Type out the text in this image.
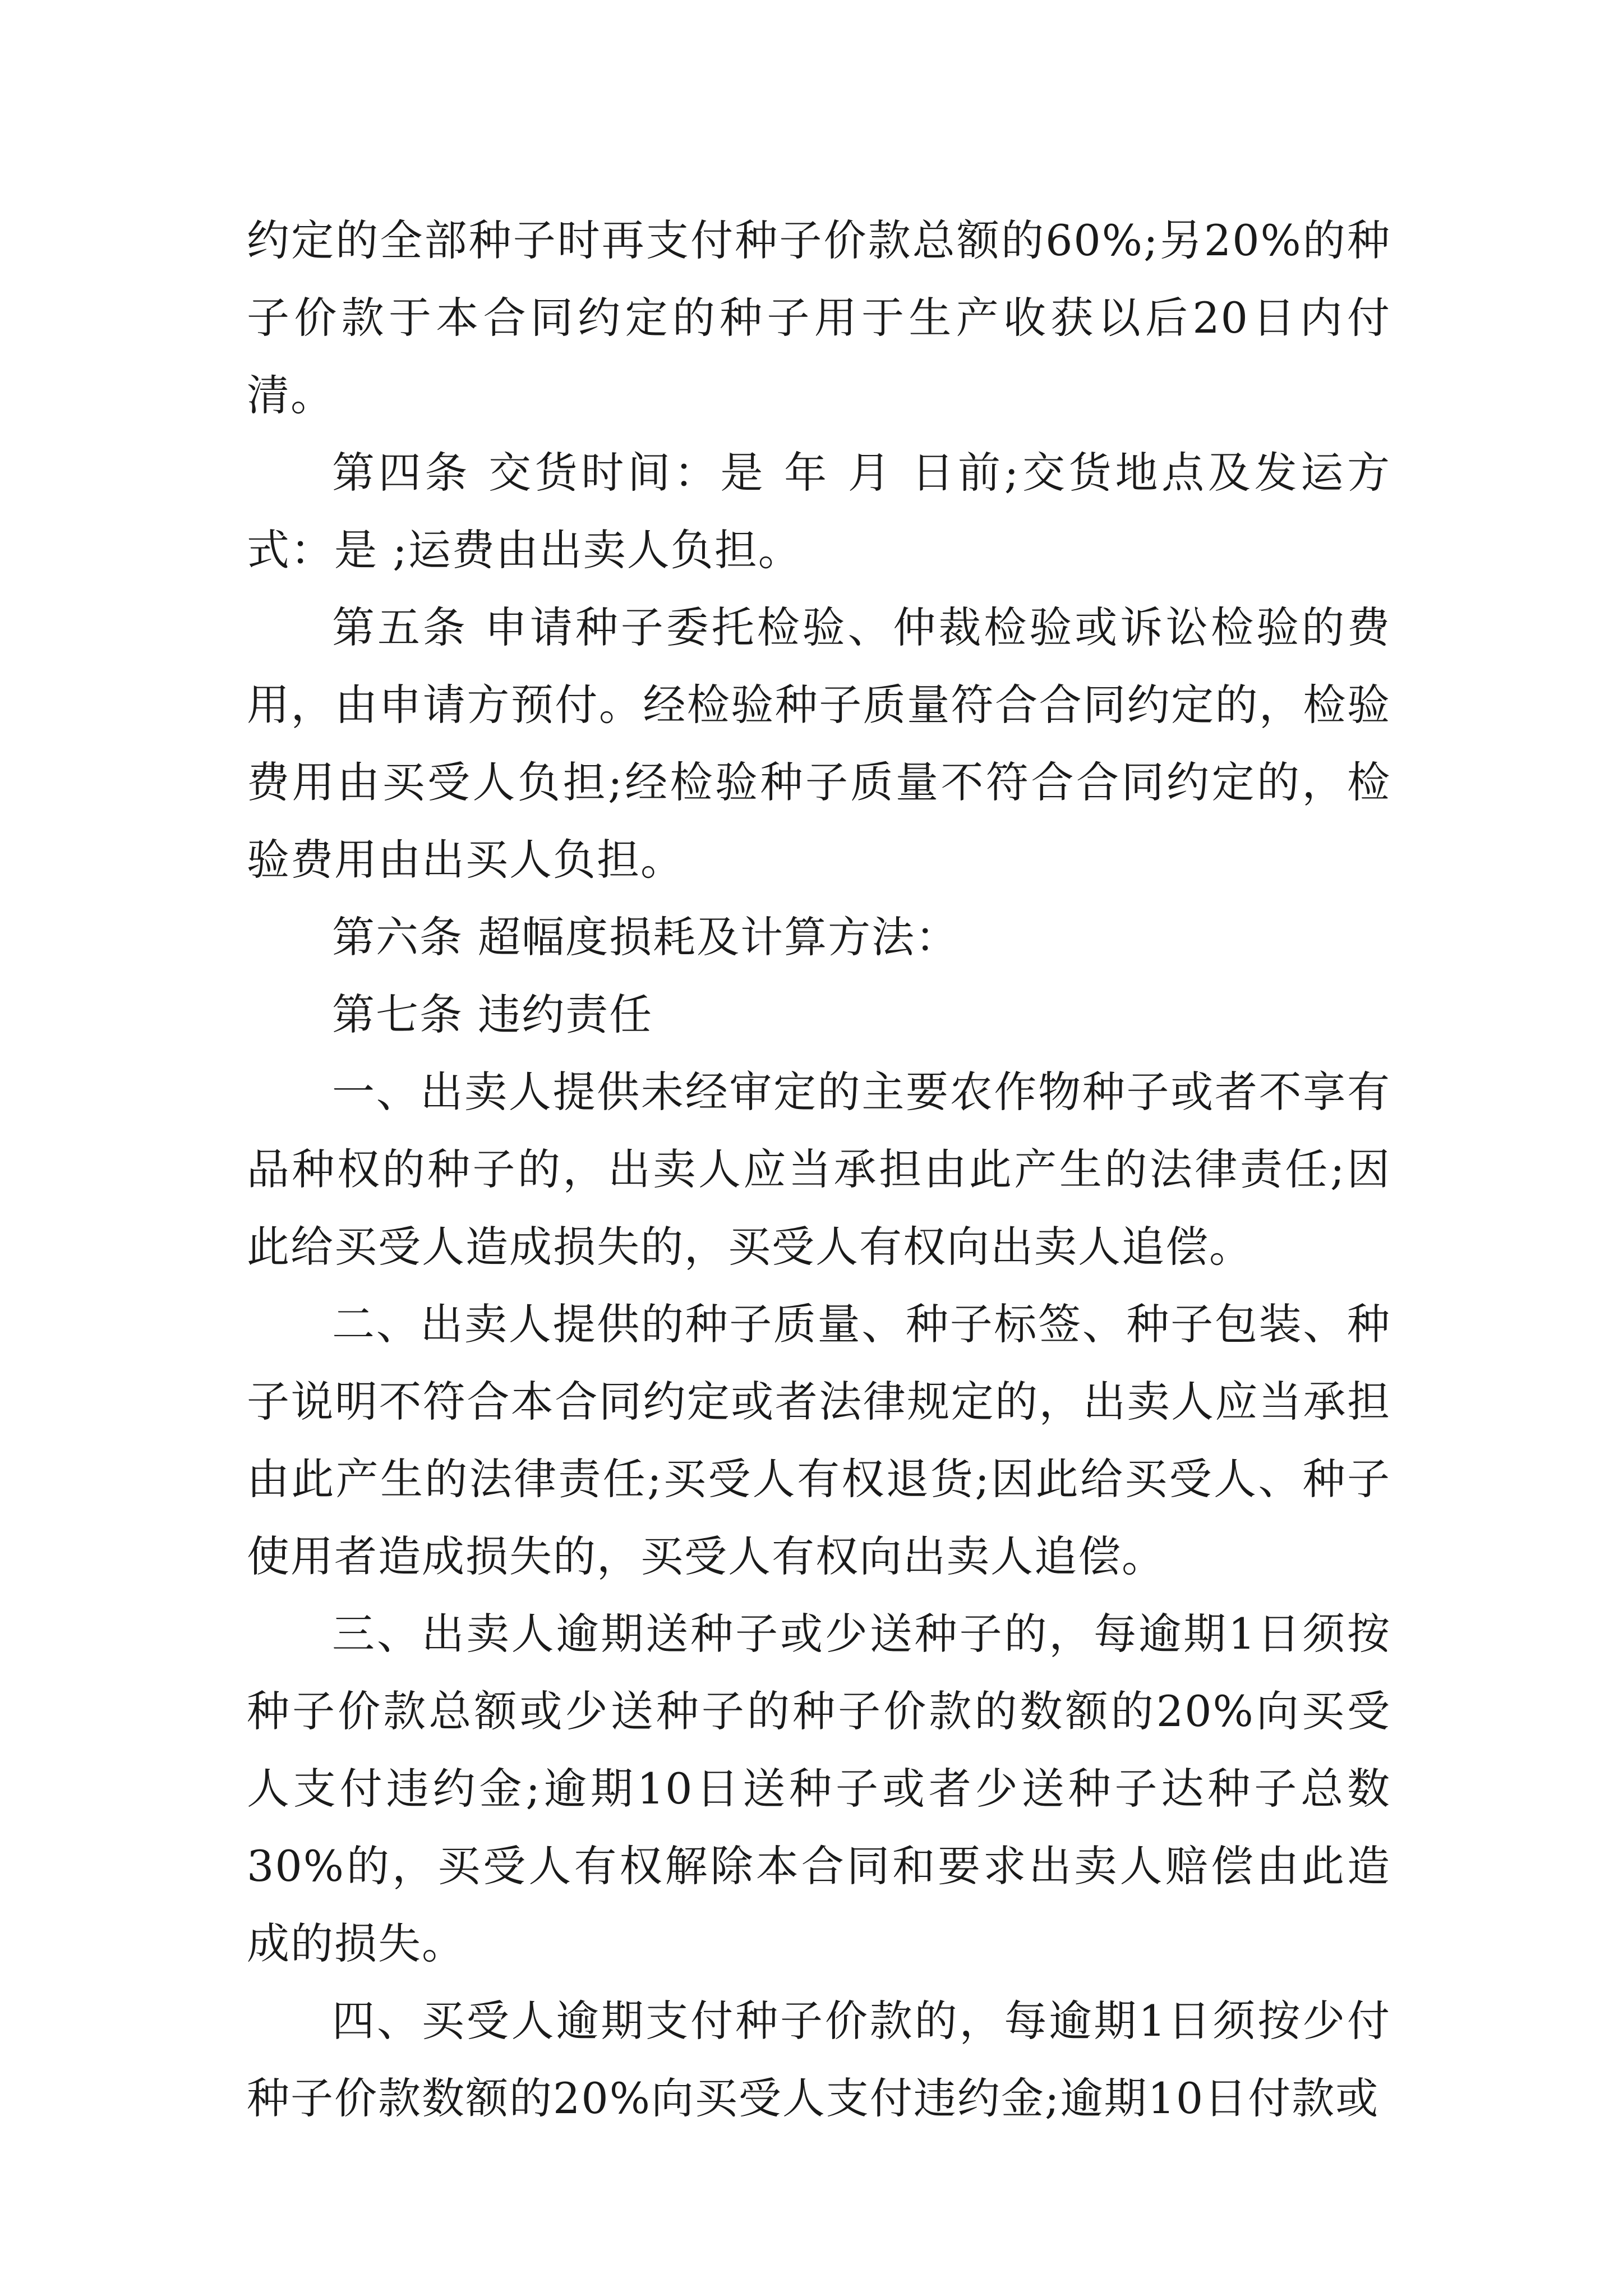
约定的全部种子时再支付种子价款总额的60%;另20%的种子价款于本合同约定的种子用于生产收获以后20日内付清。

第四条 交货时间：是 年 月 日前;交货地点及发运方式：是 ;运费由出卖人负担。

第五条 申请种子委托检验、仲裁检验或诉讼检验的费用，由申请方预付。经检验种子质量符合合同约定的，检验费用由买受人负担;经检验种子质量不符合合同约定的，检验费用由出买人负担。

第六条 超幅度损耗及计算方法：

第七条 违约责任

一、出卖人提供未经审定的主要农作物种子或者不享有品种权的种子的，出卖人应当承担由此产生的法律责任;因此给买受人造成损失的，买受人有权向出卖人追偿。

二、出卖人提供的种子质量、种子标签、种子包装、种子说明不符合本合同约定或者法律规定的，出卖人应当承担由此产生的法律责任;买受人有权退货;因此给买受人、种子使用者造成损失的，买受人有权向出卖人追偿。

三、出卖人逾期送种子或少送种子的，每逾期1日须按种子价款总额或少送种子的种子价款的数额的20%向买受人支付违约金;逾期10日送种子或者少送种子达种子总数30%的，买受人有权解除本合同和要求出卖人赔偿由此造成的损失。

四、买受人逾期支付种子价款的，每逾期1日须按少付种子价款数额的20%向买受人支付违约金;逾期10日付款或
